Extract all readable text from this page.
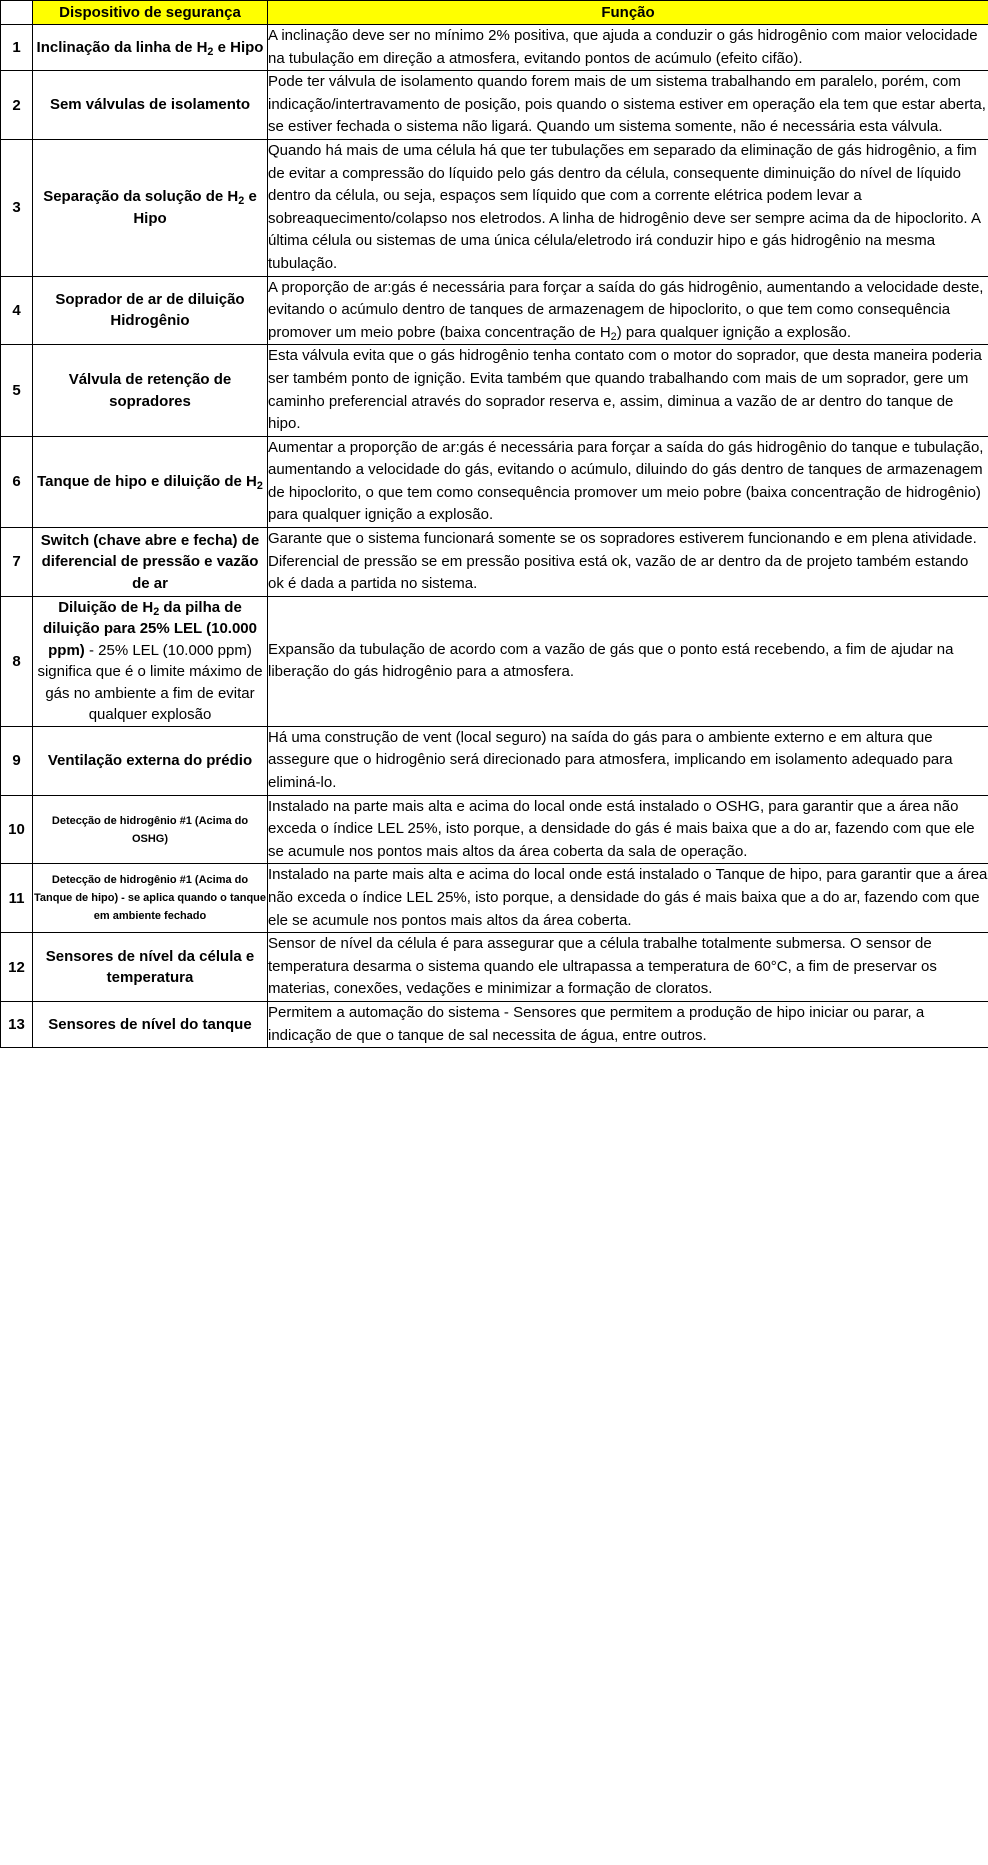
	Dispositivo de segurança	Função
1	Inclinação da linha de $H_2$ e Hipo	A inclinação deve ser no mínimo 2% positiva, que ajuda a conduzir o gás hidrogênio com maior velocidade na tubulação em direção a atmosfera, evitando pontos de acúmulo (efeito cifão).
2	Sem válvulas de isolamento	Pode ter válvula de isolamento quando forem mais de um sistema trabalhando em paralelo, porém, com indicação/intertravamento de posição, pois quando o sistema estiver em operação ela tem que estar aberta, se estiver fechada o sistema não ligará. Quando um sistema somente, não é necessária esta válvula.
3	Separação da solução de $H_2$ e Hipo	Quando há mais de uma célula há que ter tubulações em separado da eliminação de gás hidrogênio, a fim de evitar a compressão do líquido pelo gás dentro da célula, consequente diminuição do nível de líquido dentro da célula, ou seja, espaços sem líquido que com a corrente elétrica podem levar a sobreaquecimento/colapso nos eletrodos. A linha de hidrogênio deve ser sempre acima da de hipoclorito. A última célula ou sistemas de uma única célula/eletrodo irá conduzir hipo e gás hidrogênio na mesma tubulação.
4	Soprador de ar de diluição Hidrogênio	A proporção de ar:gás é necessária para forçar a saída do gás hidrogênio, aumentando a velocidade deste, evitando o acúmulo dentro de tanques de armazenagem de hipoclorito, o que tem como consequência promover um meio pobre (baixa concentração de $H_2$) para qualquer ignição a explosão.
5	Válvula de retenção de sopradores	Esta válvula evita que o gás hidrogênio tenha contato com o motor do soprador, que desta maneira poderia ser também ponto de ignição. Evita também que quando trabalhando com mais de um soprador, gere um caminho preferencial através do soprador reserva e, assim, diminua a vazão de ar dentro do tanque de hipo.
6	Tanque de hipo e diluição de $H_2$	Aumentar a proporção de ar:gás é necessária para forçar a saída do gás hidrogênio do tanque e tubulação, aumentando a velocidade do gás, evitando o acúmulo, diluindo do gás dentro de tanques de armazenagem de hipoclorito, o que tem como consequência promover um meio pobre (baixa concentração de hidrogênio) para qualquer ignição a explosão.
7	Switch (chave abre e fecha) de diferencial de pressão e vazão de ar	Garante que o sistema funcionará somente se os sopradores estiverem funcionando e em plena atividade. Diferencial de pressão se em pressão positiva está ok, vazão de ar dentro da de projeto também estando ok é dada a partida no sistema.
8	Diluição de $H_2$ da pilha de diluição para 25% LEL (10.000 ppm) - 25% LEL (10.000 ppm) significa que é o limite máximo de gás no ambiente a fim de evitar qualquer explosão	Expansão da tubulação de acordo com a vazão de gás que o ponto está recebendo, a fim de ajudar na liberação do gás hidrogênio para a atmosfera.
9	Ventilação externa do prédio	Há uma construção de vent (local seguro) na saída do gás para o ambiente externo e em altura que assegure que o hidrogênio será direcionado para atmosfera, implicando em isolamento adequado para eliminá-lo.
10	Detecção de hidrogênio #1 (Acima do OSHG)	Instalado na parte mais alta e acima do local onde está instalado o OSHG, para garantir que a área não exceda o índice LEL 25%, isto porque, a densidade do gás é mais baixa que a do ar, fazendo com que ele se acumule nos pontos mais altos da área coberta da sala de operação.
11	Detecção de hidrogênio #1 (Acima do Tanque de hipo) - se aplica quando o tanque em ambiente fechado	Instalado na parte mais alta e acima do local onde está instalado o Tanque de hipo, para garantir que a área não exceda o índice LEL 25%, isto porque, a densidade do gás é mais baixa que a do ar, fazendo com que ele se acumule nos pontos mais altos da área coberta.
12	Sensores de nível da célula e temperatura	Sensor de nível da célula é para assegurar que a célula trabalhe totalmente submersa. O sensor de temperatura desarma o sistema quando ele ultrapassa a temperatura de 60°C, a fim de preservar os materias, conexões, vedações e minimizar a formação de cloratos.
13	Sensores de nível do tanque	Permitem a automação do sistema - Sensores que permitem a produção de hipo iniciar ou parar, a indicação de que o tanque de sal necessita de água, entre outros.
